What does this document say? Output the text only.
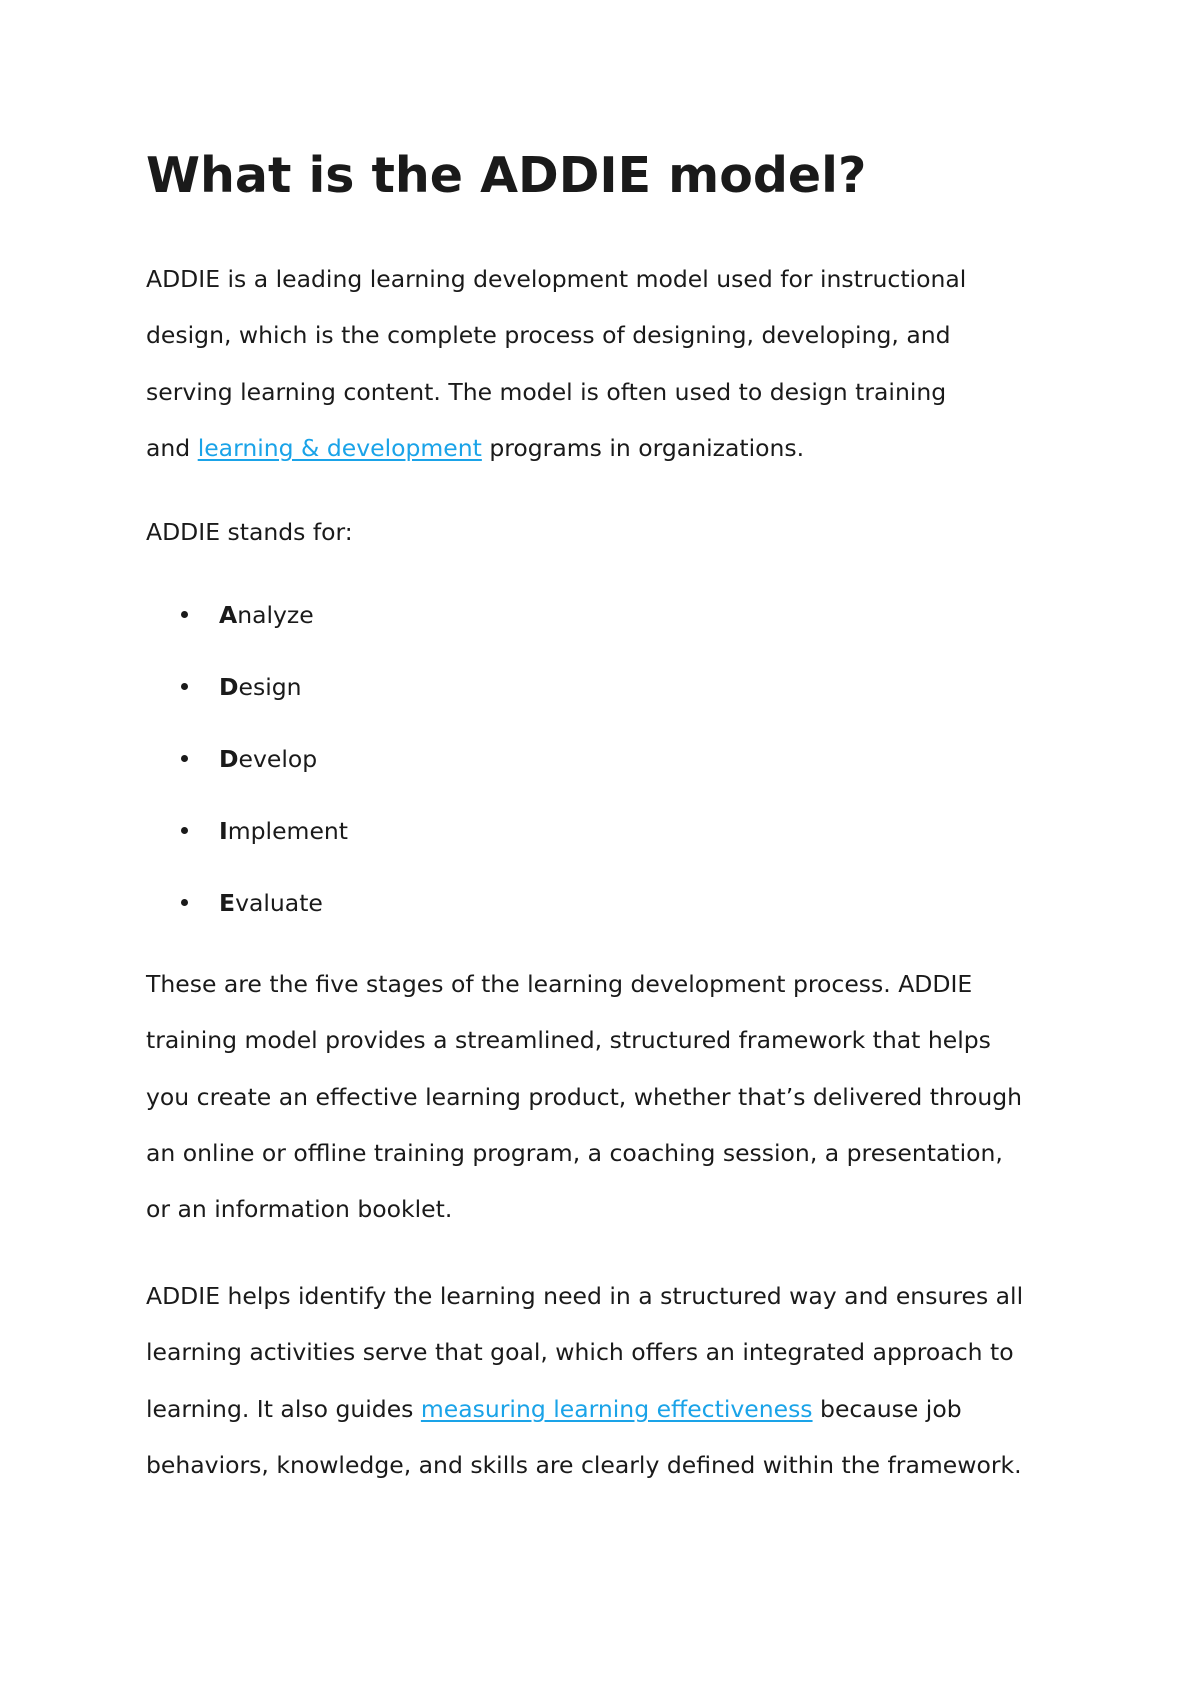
What is the ADDIE model?

ADDIE is a leading learning development model used for instructional
design, which is the complete process of designing, developing, and
serving learning content. The model is often used to design training
and learning & development programs in organizations.

ADDIE stands for:

Analyze
Design
Develop
Implement
Evaluate

These are the five stages of the learning development process. ADDIE
training model provides a streamlined, structured framework that helps
you create an effective learning product, whether that’s delivered through
an online or offline training program, a coaching session, a presentation,
or an information booklet.

ADDIE helps identify the learning need in a structured way and ensures all
learning activities serve that goal, which offers an integrated approach to
learning. It also guides measuring learning effectiveness because job
behaviors, knowledge, and skills are clearly defined within the framework.
